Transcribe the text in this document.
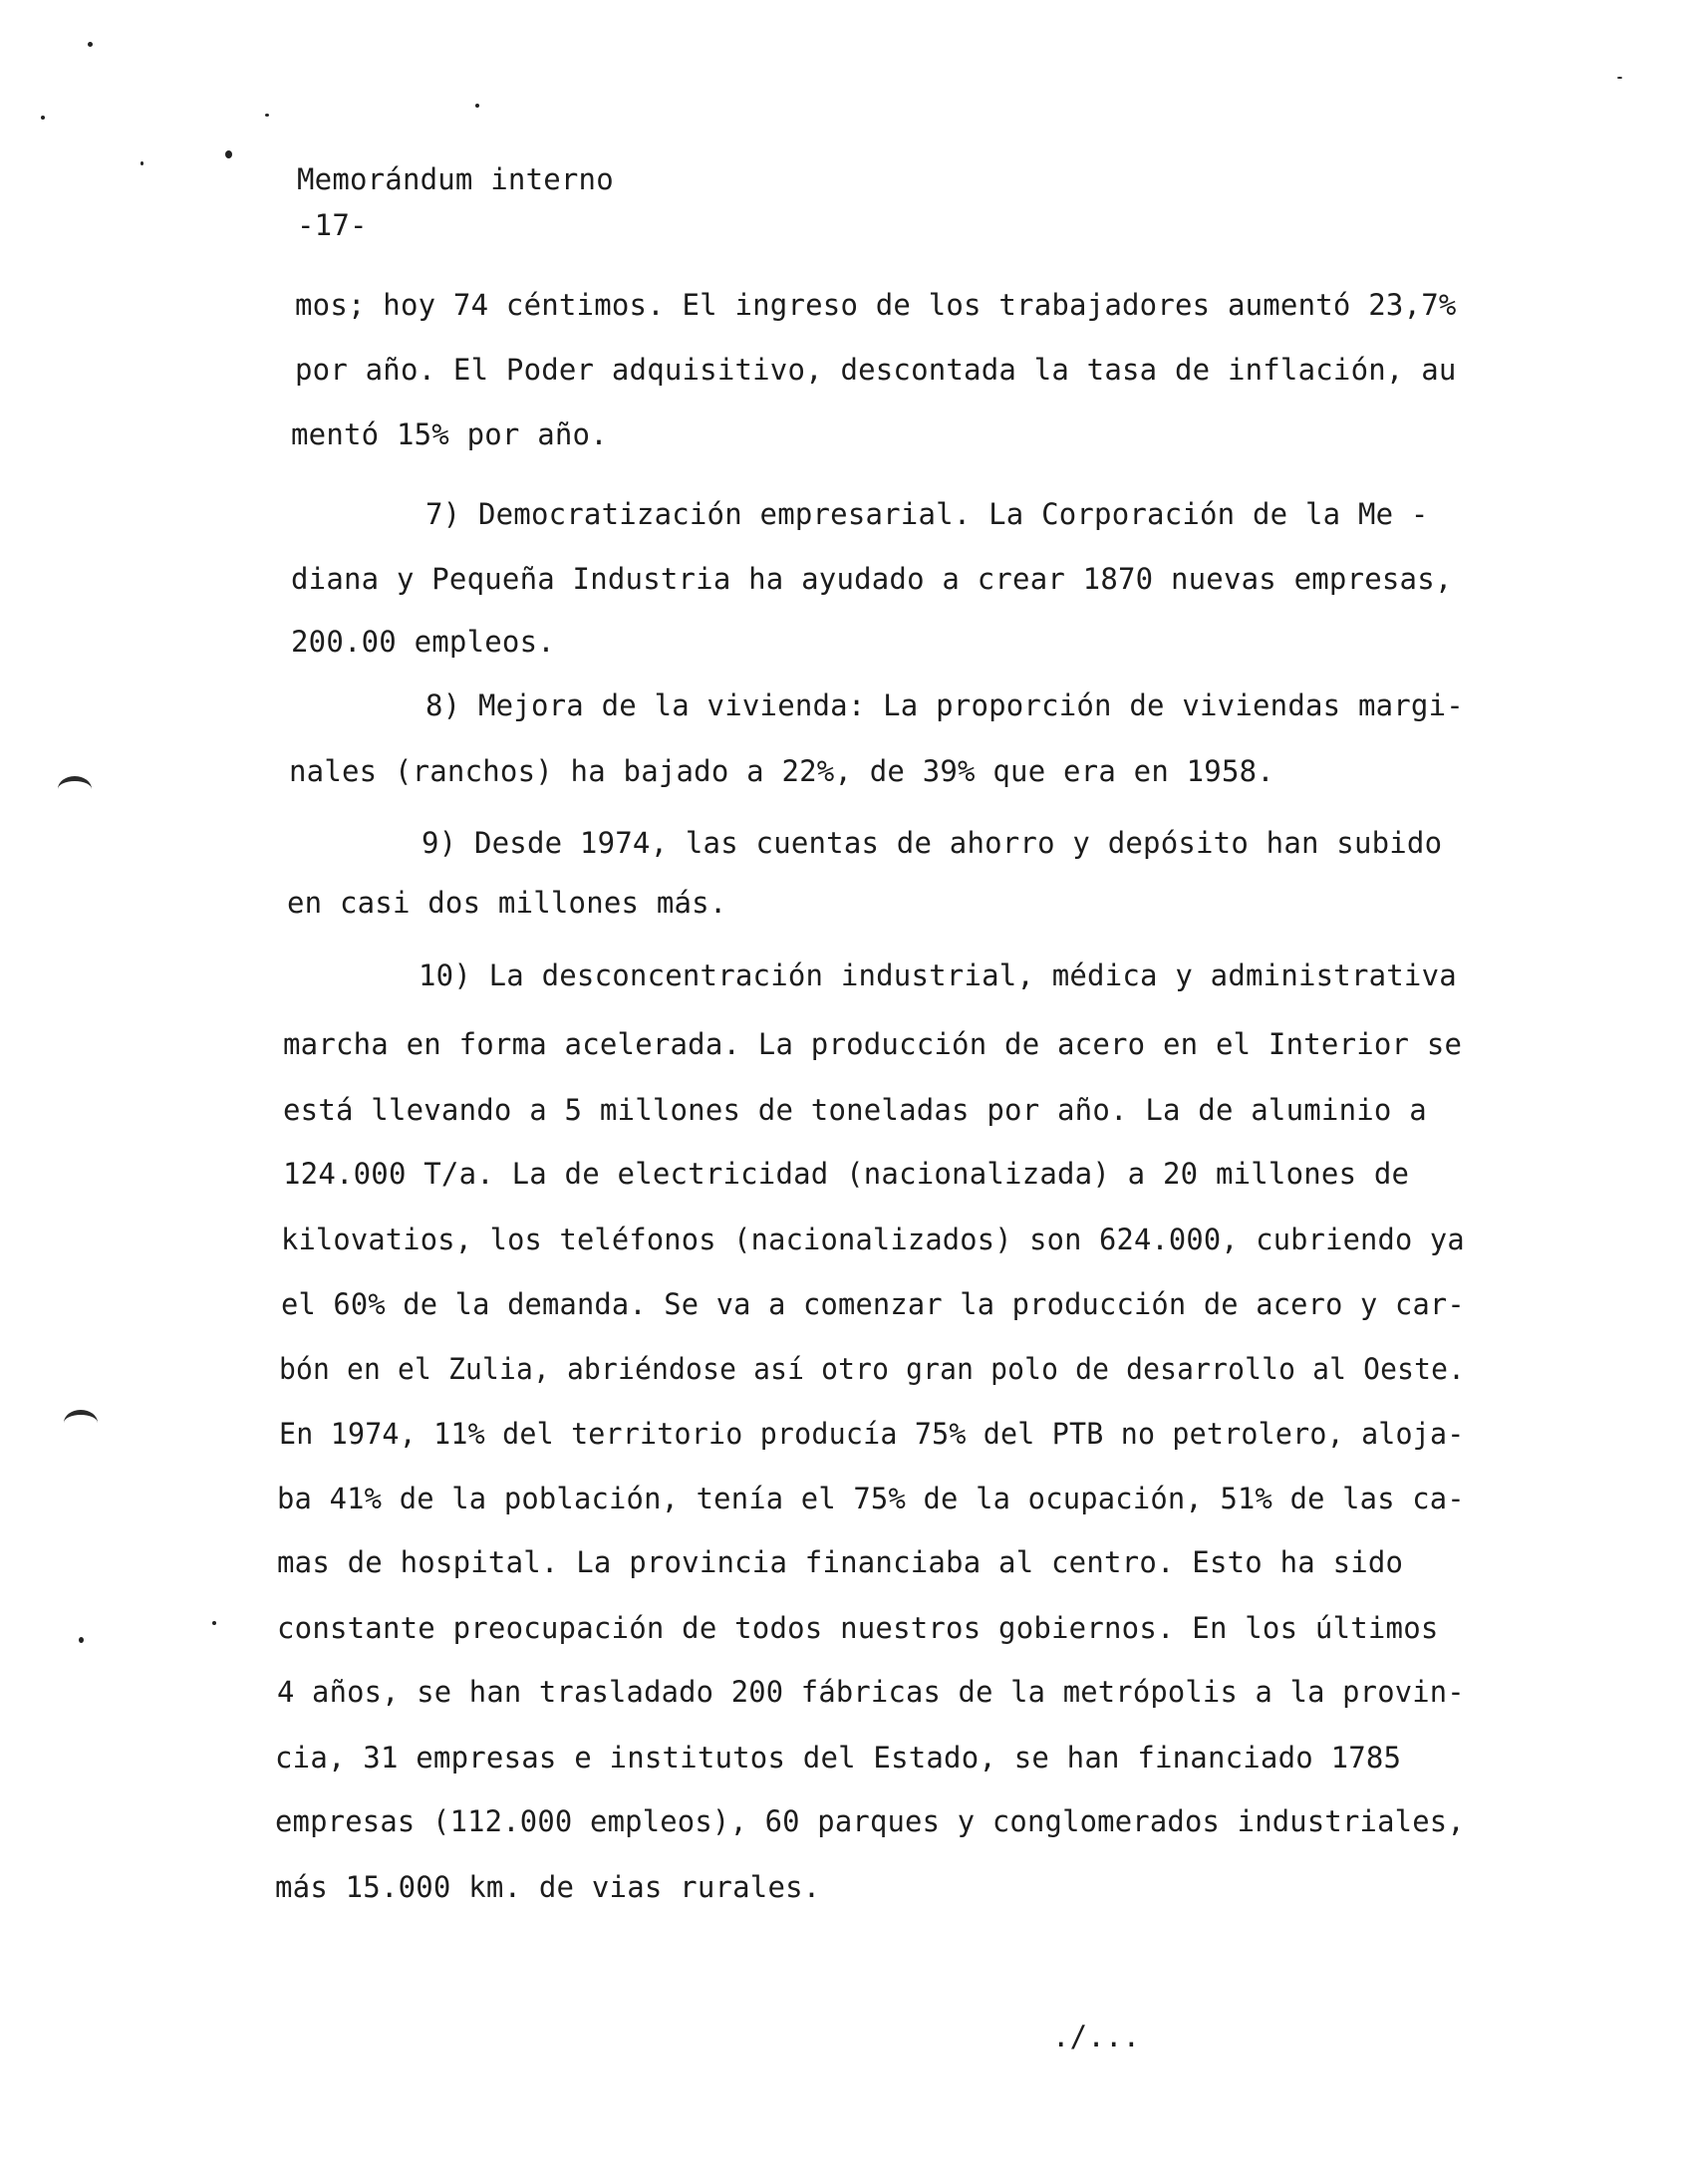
Memorándum interno
-17-
mos; hoy 74 céntimos. El ingreso de los trabajadores aumentó 23,7%
por año. El Poder adquisitivo, descontada la tasa de inflación, au
mentó 15% por año.
7) Democratización empresarial. La Corporación de la Me -
diana y Pequeña Industria ha ayudado a crear 1870 nuevas empresas,
200.00 empleos.
8) Mejora de la vivienda: La proporción de viviendas margi-
nales (ranchos) ha bajado a 22%, de 39% que era en 1958.
9) Desde 1974, las cuentas de ahorro y depósito han subido
en casi dos millones más.
10) La desconcentración industrial, médica y administrativa
marcha en forma acelerada. La producción de acero en el Interior se
está llevando a 5 millones de toneladas por año. La de aluminio a
124.000 T/a. La de electricidad (nacionalizada) a 20 millones de
kilovatios, los teléfonos (nacionalizados) son 624.000, cubriendo ya
el 60% de la demanda. Se va a comenzar la producción de acero y car-
bón en el Zulia, abriéndose así otro gran polo de desarrollo al Oeste.
En 1974, 11% del territorio producía 75% del PTB no petrolero, aloja-
ba 41% de la población, tenía el 75% de la ocupación, 51% de las ca-
mas de hospital. La provincia financiaba al centro. Esto ha sido
constante preocupación de todos nuestros gobiernos. En los últimos
4 años, se han trasladado 200 fábricas de la metrópolis a la provin-
cia, 31 empresas e institutos del Estado, se han financiado 1785
empresas (112.000 empleos), 60 parques y conglomerados industriales,
más 15.000 km. de vias rurales.
./...
